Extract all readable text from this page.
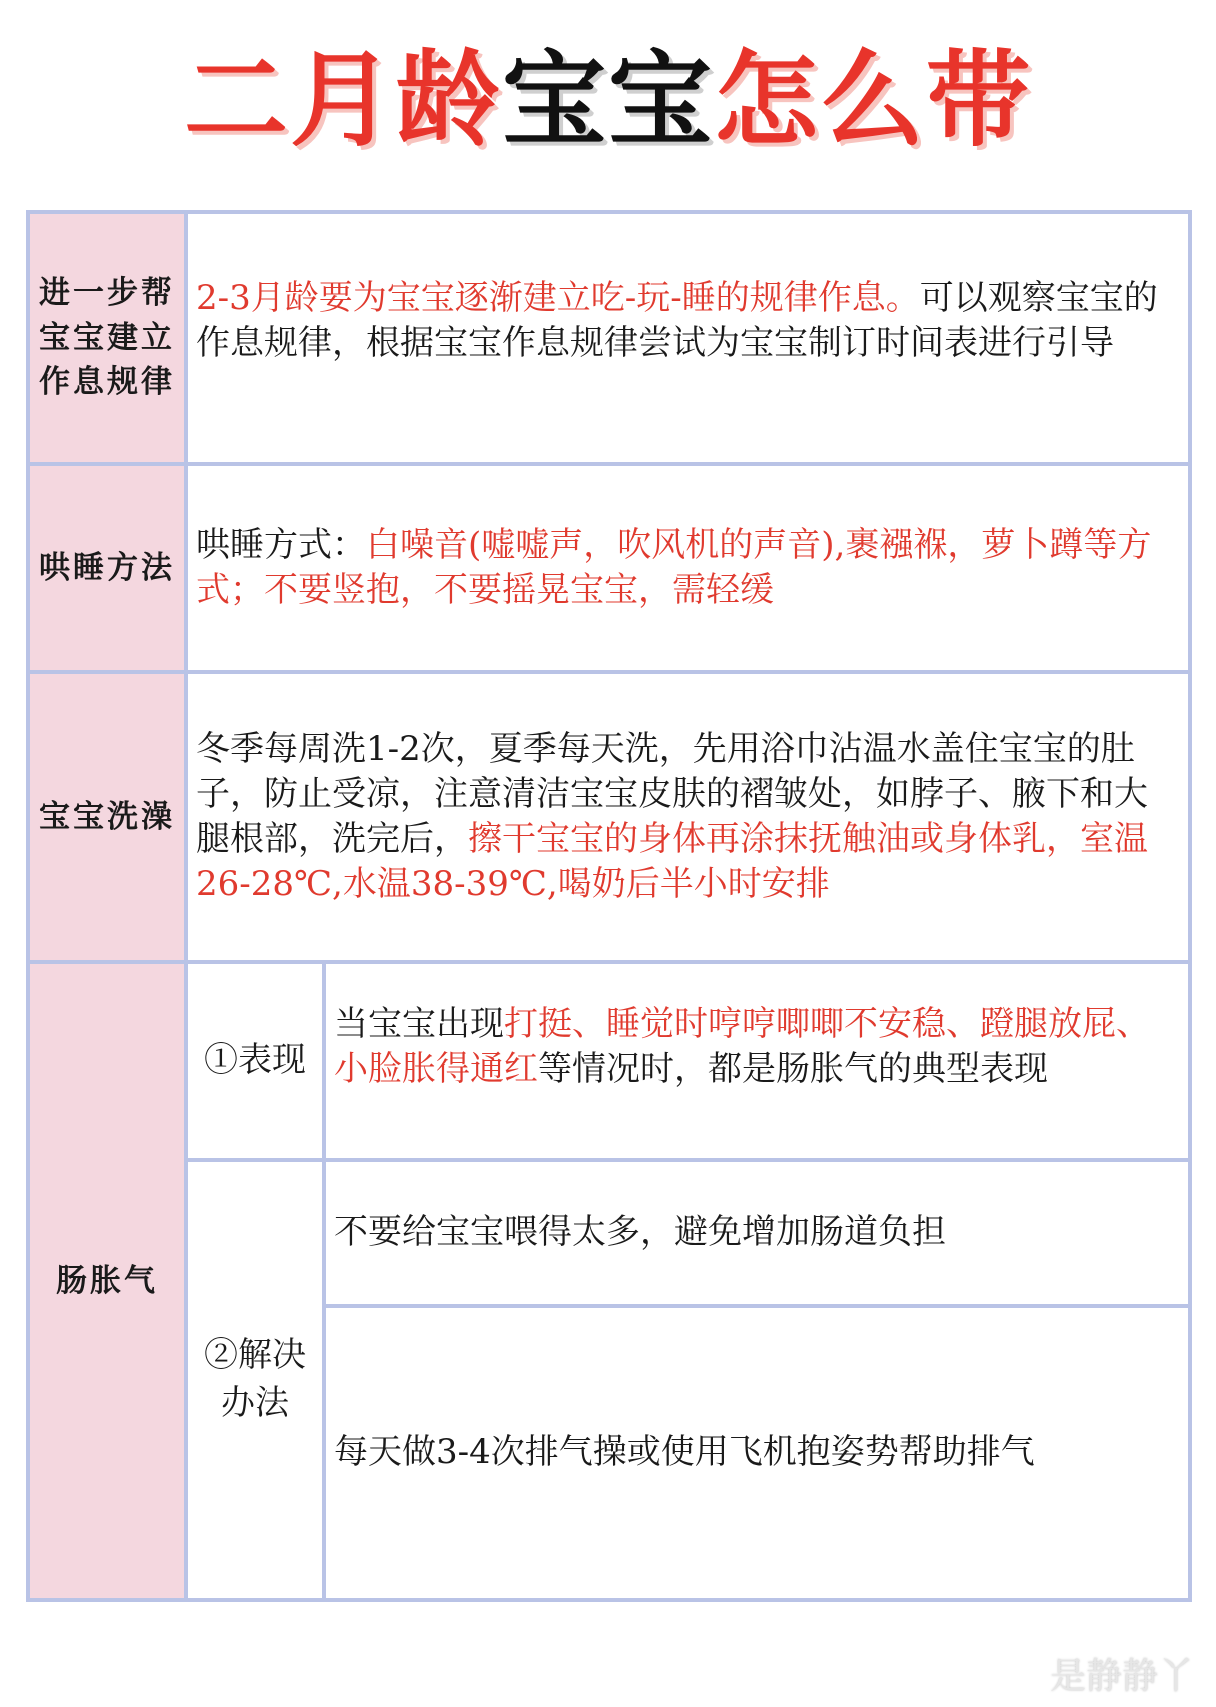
二月龄宝宝怎么带
进一步帮宝宝建立作息规律
哄睡方法
宝宝洗澡
肠胀气

2-3月龄要为宝宝逐渐建立吃-玩-睡的规律作息。可以观察宝宝的作息规律，根据宝宝作息规律尝试为宝宝制订时间表进行引导

哄睡方式：白噪音(嘘嘘声，吹风机的声音),裹襁褓，萝卜蹲等方式；不要竖抱，不要摇晃宝宝，需轻缓

冬季每周洗1-2次，夏季每天洗，先用浴巾沾温水盖住宝宝的肚子，防止受凉，注意清洁宝宝皮肤的褶皱处，如脖子、腋下和大腿根部，洗完后，擦干宝宝的身体再涂抹抚触油或身体乳，室温26-28℃,水温38-39℃,喝奶后半小时安排

①表现

当宝宝出现打挺、睡觉时哼哼唧唧不安稳、蹬腿放屁、小脸胀得通红等情况时，都是肠胀气的典型表现

②解决办法

不要给宝宝喂得太多，避免增加肠道负担

每天做3-4次排气操或使用飞机抱姿势帮助排气

是静静丫
